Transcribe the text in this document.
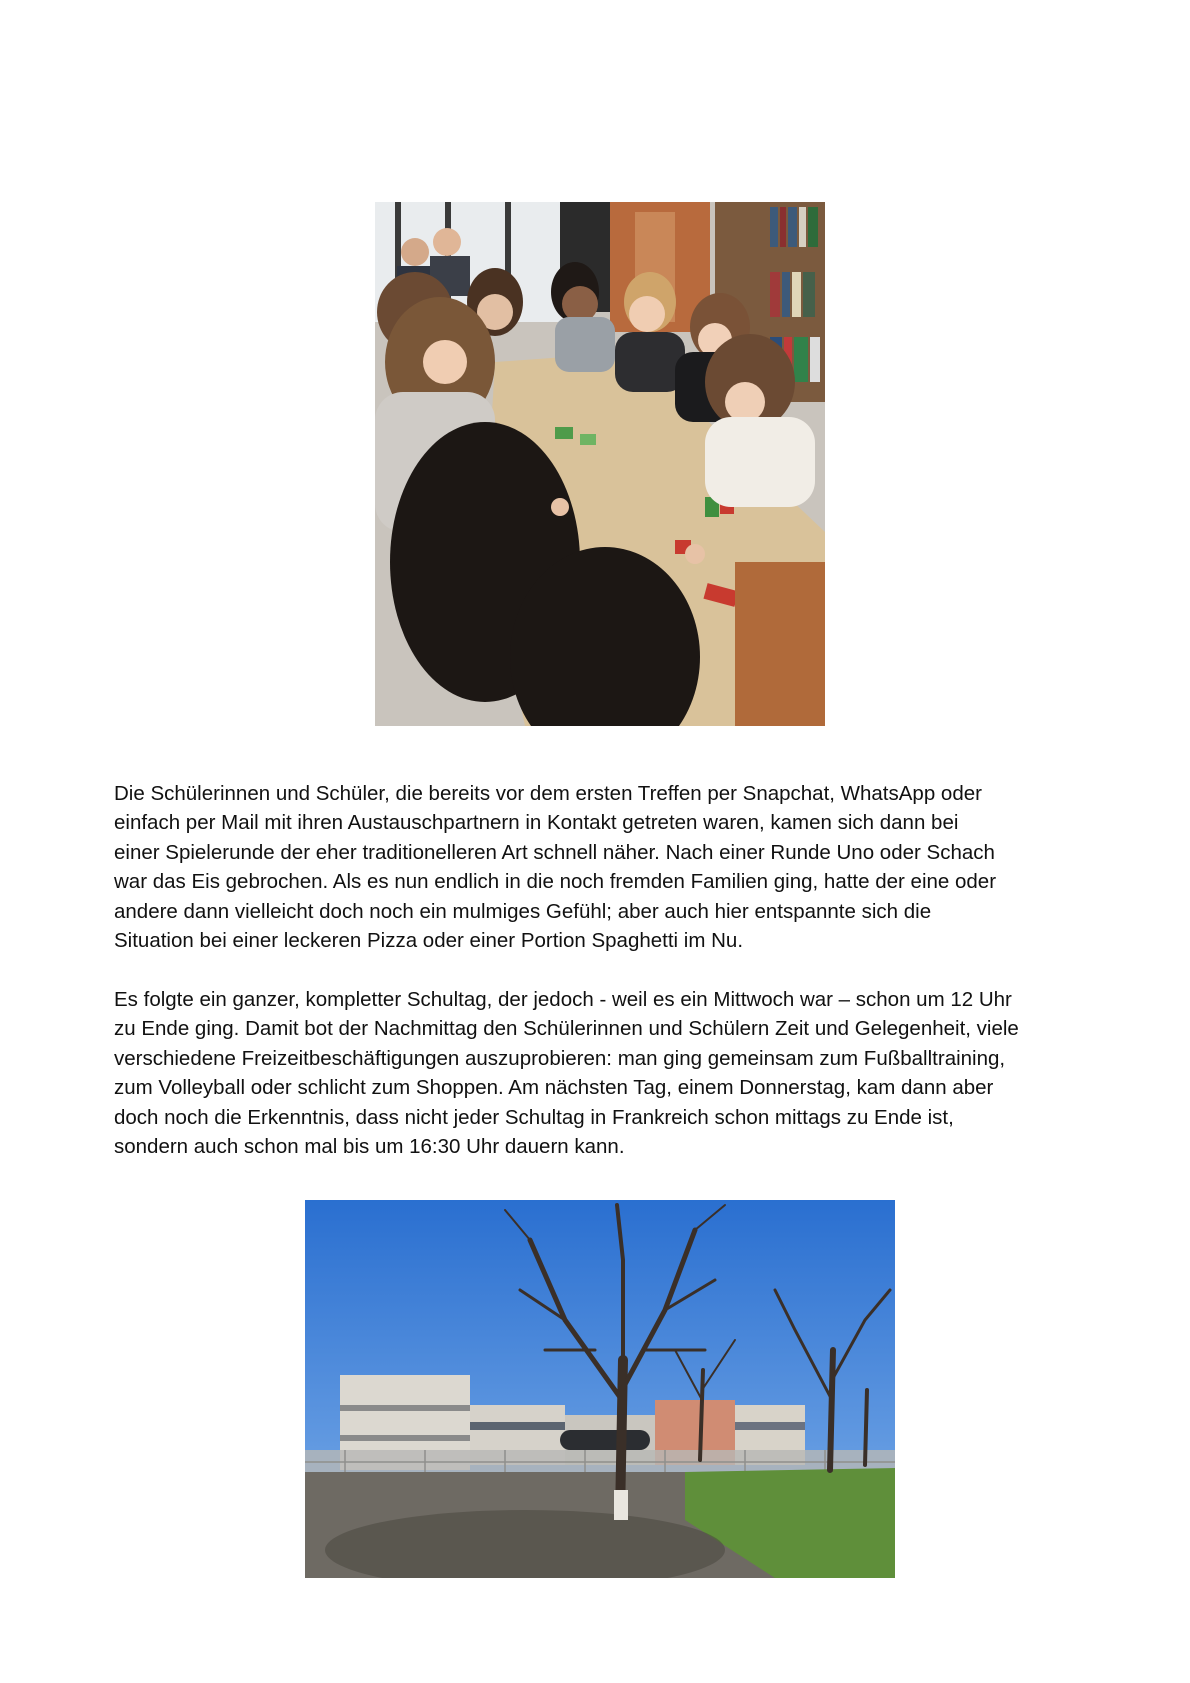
Die Schülerinnen und Schüler, die bereits vor dem ersten Treffen per Snapchat, WhatsApp oder
einfach per Mail mit ihren Austauschpartnern in Kontakt getreten waren, kamen sich dann bei
einer Spielerunde der eher traditionelleren Art schnell näher. Nach einer Runde Uno oder Schach
war das Eis gebrochen. Als es nun endlich in die noch fremden Familien ging, hatte der eine oder
andere dann vielleicht doch noch ein mulmiges Gefühl; aber auch hier entspannte sich die
Situation bei einer leckeren Pizza oder einer Portion Spaghetti im Nu.

Es folgte ein ganzer, kompletter Schultag, der jedoch - weil es ein Mittwoch war – schon um 12 Uhr
zu Ende ging. Damit bot der Nachmittag den Schülerinnen und Schülern Zeit und Gelegenheit, viele
verschiedene Freizeitbeschäftigungen auszuprobieren: man ging gemeinsam zum Fußballtraining,
zum Volleyball oder schlicht zum Shoppen. Am nächsten Tag, einem Donnerstag, kam dann aber
doch noch die Erkenntnis, dass nicht jeder Schultag in Frankreich schon mittags zu Ende ist,
sondern auch schon mal bis um 16:30 Uhr dauern kann.
